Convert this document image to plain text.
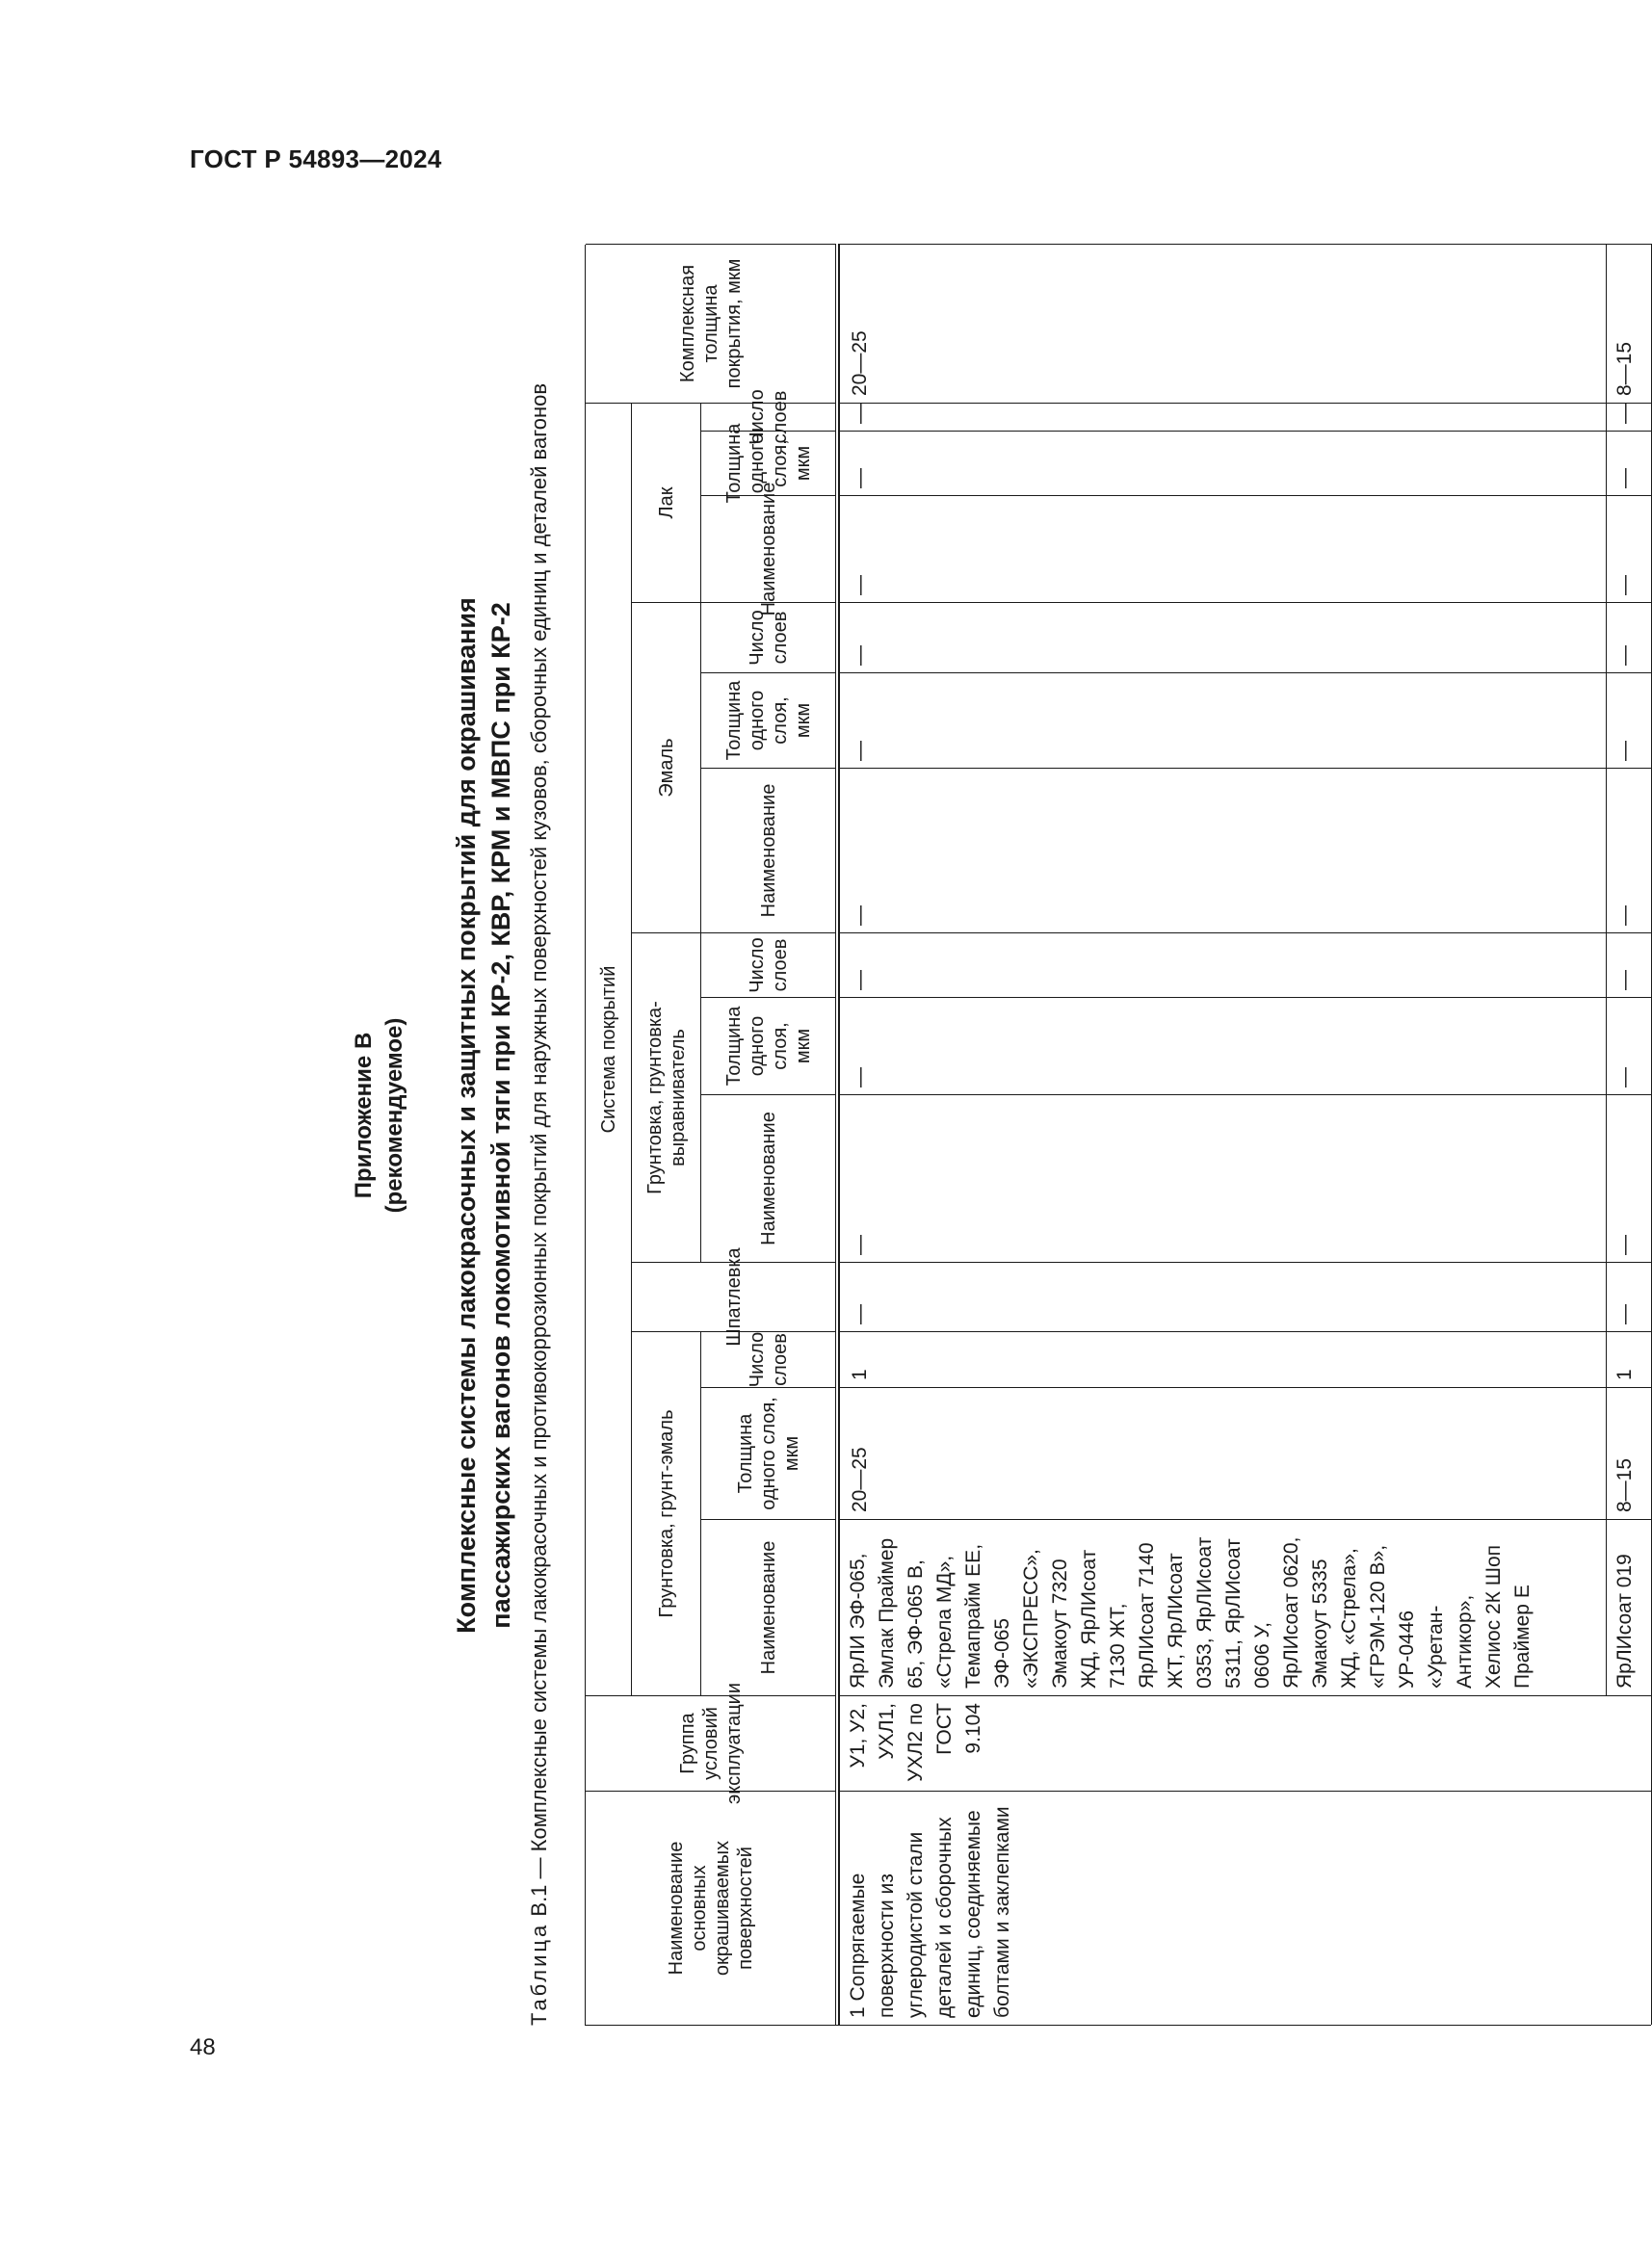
ГОСТ Р 54893—2024
48
Приложение В (рекомендуемое) Комплексные системы лакокрасочных и защитных покрытий для окрашивания пассажирских вагонов локомотивной тяги при КР-2, КВР, КРМ и МВПС при КР-2
Таблица В.1 — Комплексные системы лакокрасочных и противокоррозионных покрытий для наружных поверхностей кузовов, сборочных единиц и деталей вагонов
Наименование основных окрашиваемых поверхностей
Группа условий эксплуатации
Система покрытий
Комплексная толщина покрытия, мкм
Грунтовка, грунт-эмаль
Шпатлевка
Грунтовка, грунтовка-выравниватель
Эмаль
Лак
Наименование
Толщина одного слоя, мкм
Число слоев
Наименование
Толщина одного слоя, мкм
Число слоев
Наименование
Толщина одного слоя, мкм
Число слоев
Наименование
Толщина одного слоя, мкм
Число слоев
1 Сопрягаемые поверхности из углеродистой стали деталей и сборочных единиц, соединяемые болтами и заклепками
У1, У2, УХЛ1, УХЛ2 по ГОСТ 9.104
ЯрЛИ ЭФ-065, Эмлак Праймер 65, ЭФ-065 В, «Стрела МД», Темапрайм ЕЕ, ЭФ-065 «ЭКСПРЕСС», Эмакоут 7320 ЖД, ЯрЛИсоат 7130 ЖТ, ЯрЛИсоат 7140 ЖТ, ЯрЛИсоат 0353, ЯрЛИсоат 5311, ЯрЛИсоат 0606 У, ЯрЛИсоат 0620, Эмакоут 5335 ЖД, «Стрела», «ГРЭМ-120 В», УР-0446 «Уретан-Антикор», Хелиос 2К Шоп Праймер Е
20—25
1
—
—
—
—
—
—
—
—
—
—
20—25
ЯрЛИсоат 019
8—15
1
—
—
—
—
—
—
—
—
—
8—15
—
